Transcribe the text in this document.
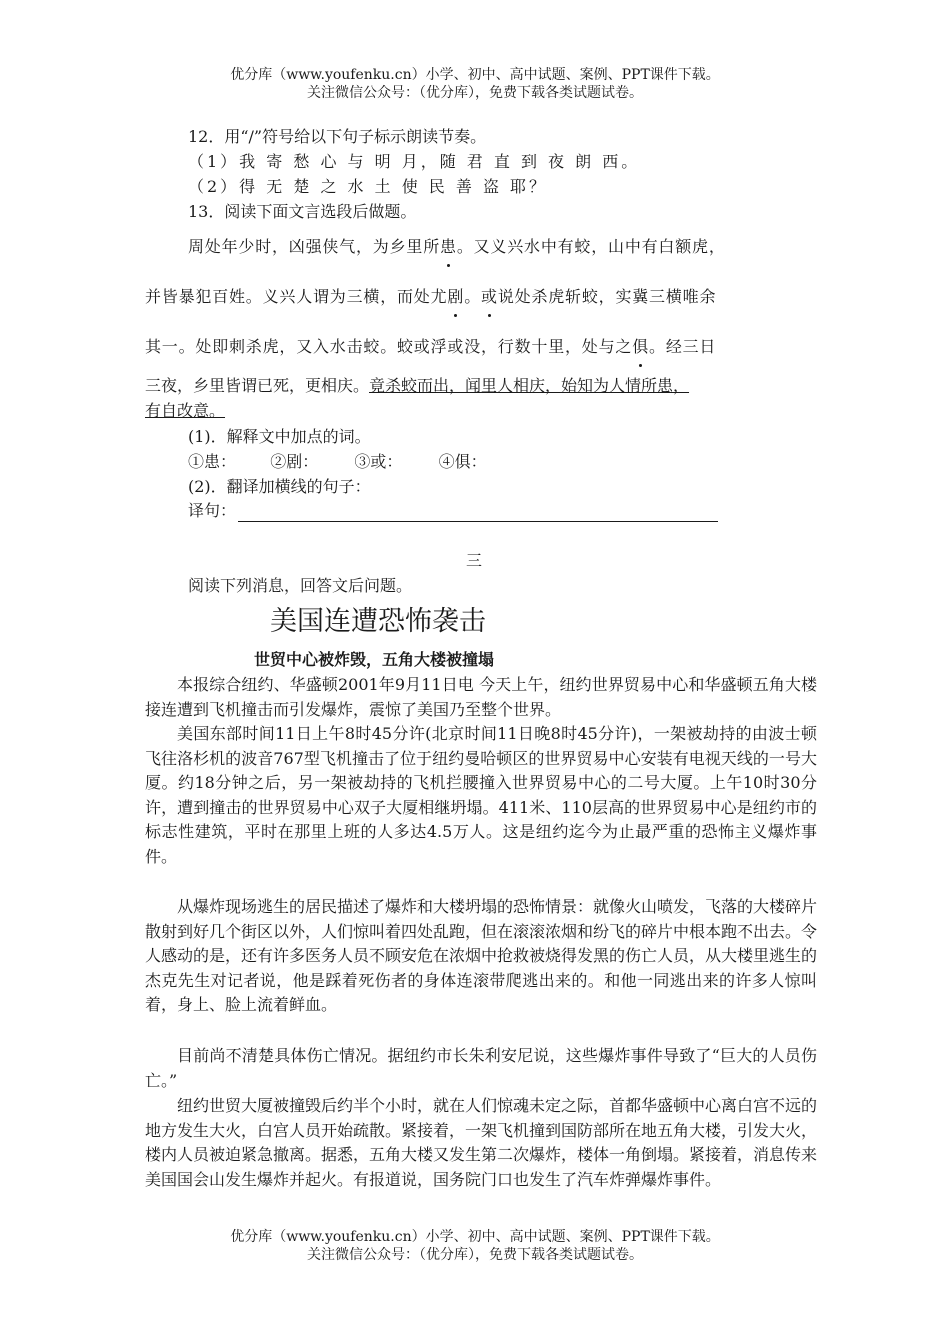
优分库（www.youfenku.cn）小学、初中、高中试题、案例、PPT课件下载。
关注微信公众号：（优分库），免费下载各类试题试卷。
12．用“/”符号给以下句子标示朗读节奏。
（1）我 寄 愁 心 与 明 月，随 君 直 到 夜 朗 西。
（2）得 无 楚 之 水 土 使 民 善 盗 耶？
13．阅读下面文言选段后做题。
周处年少时，凶强侠气，为乡里所患。又义兴水中有蛟，山中有白额虎，
并皆暴犯百姓。义兴人谓为三横，而处尤剧。或说处杀虎斩蛟，实冀三横唯余
其一。处即刺杀虎，又入水击蛟。蛟或浮或没，行数十里，处与之俱。经三日
三夜，乡里皆谓已死，更相庆。竟杀蛟而出，闻里人相庆，始知为人情所患，
有自改意。
(1)．解释文中加点的词。
①患： ②剧： ③或： ④俱：
(2)．翻译加横线的句子：
译句：
三
阅读下列消息，回答文后问题。
美国连遭恐怖袭击
世贸中心被炸毁，五角大楼被撞塌

本报综合纽约、华盛顿2001年9月11日电 今天上午，纽约世界贸易中心和华盛顿五角大楼接连遭到飞机撞击而引发爆炸，震惊了美国乃至整个世界。

美国东部时间11日上午8时45分许(北京时间11日晚8时45分许)，一架被劫持的由波士顿飞往洛杉机的波音767型飞机撞击了位于纽约曼哈顿区的世界贸易中心安装有电视天线的一号大厦。约18分钟之后，另一架被劫持的飞机拦腰撞入世界贸易中心的二号大厦。上午10时30分许，遭到撞击的世界贸易中心双子大厦相继坍塌。411米、110层高的世界贸易中心是纽约市的标志性建筑，平时在那里上班的人多达4.5万人。这是纽约迄今为止最严重的恐怖主义爆炸事件。

从爆炸现场逃生的居民描述了爆炸和大楼坍塌的恐怖情景：就像火山喷发，飞落的大楼碎片散射到好几个街区以外，人们惊叫着四处乱跑，但在滚滚浓烟和纷飞的碎片中根本跑不出去。令人感动的是，还有许多医务人员不顾安危在浓烟中抢救被烧得发黑的伤亡人员，从大楼里逃生的杰克先生对记者说，他是踩着死伤者的身体连滚带爬逃出来的。和他一同逃出来的许多人惊叫着，身上、脸上流着鲜血。

目前尚不清楚具体伤亡情况。据纽约市长朱利安尼说，这些爆炸事件导致了“巨大的人员伤亡。”

纽约世贸大厦被撞毁后约半个小时，就在人们惊魂未定之际，首都华盛顿中心离白宫不远的地方发生大火，白宫人员开始疏散。紧接着，一架飞机撞到国防部所在地五角大楼，引发大火，楼内人员被迫紧急撤离。据悉，五角大楼又发生第二次爆炸，楼体一角倒塌。紧接着，消息传来美国国会山发生爆炸并起火。有报道说，国务院门口也发生了汽车炸弹爆炸事件。

优分库（www.youfenku.cn）小学、初中、高中试题、案例、PPT课件下载。
关注微信公众号：（优分库），免费下载各类试题试卷。
